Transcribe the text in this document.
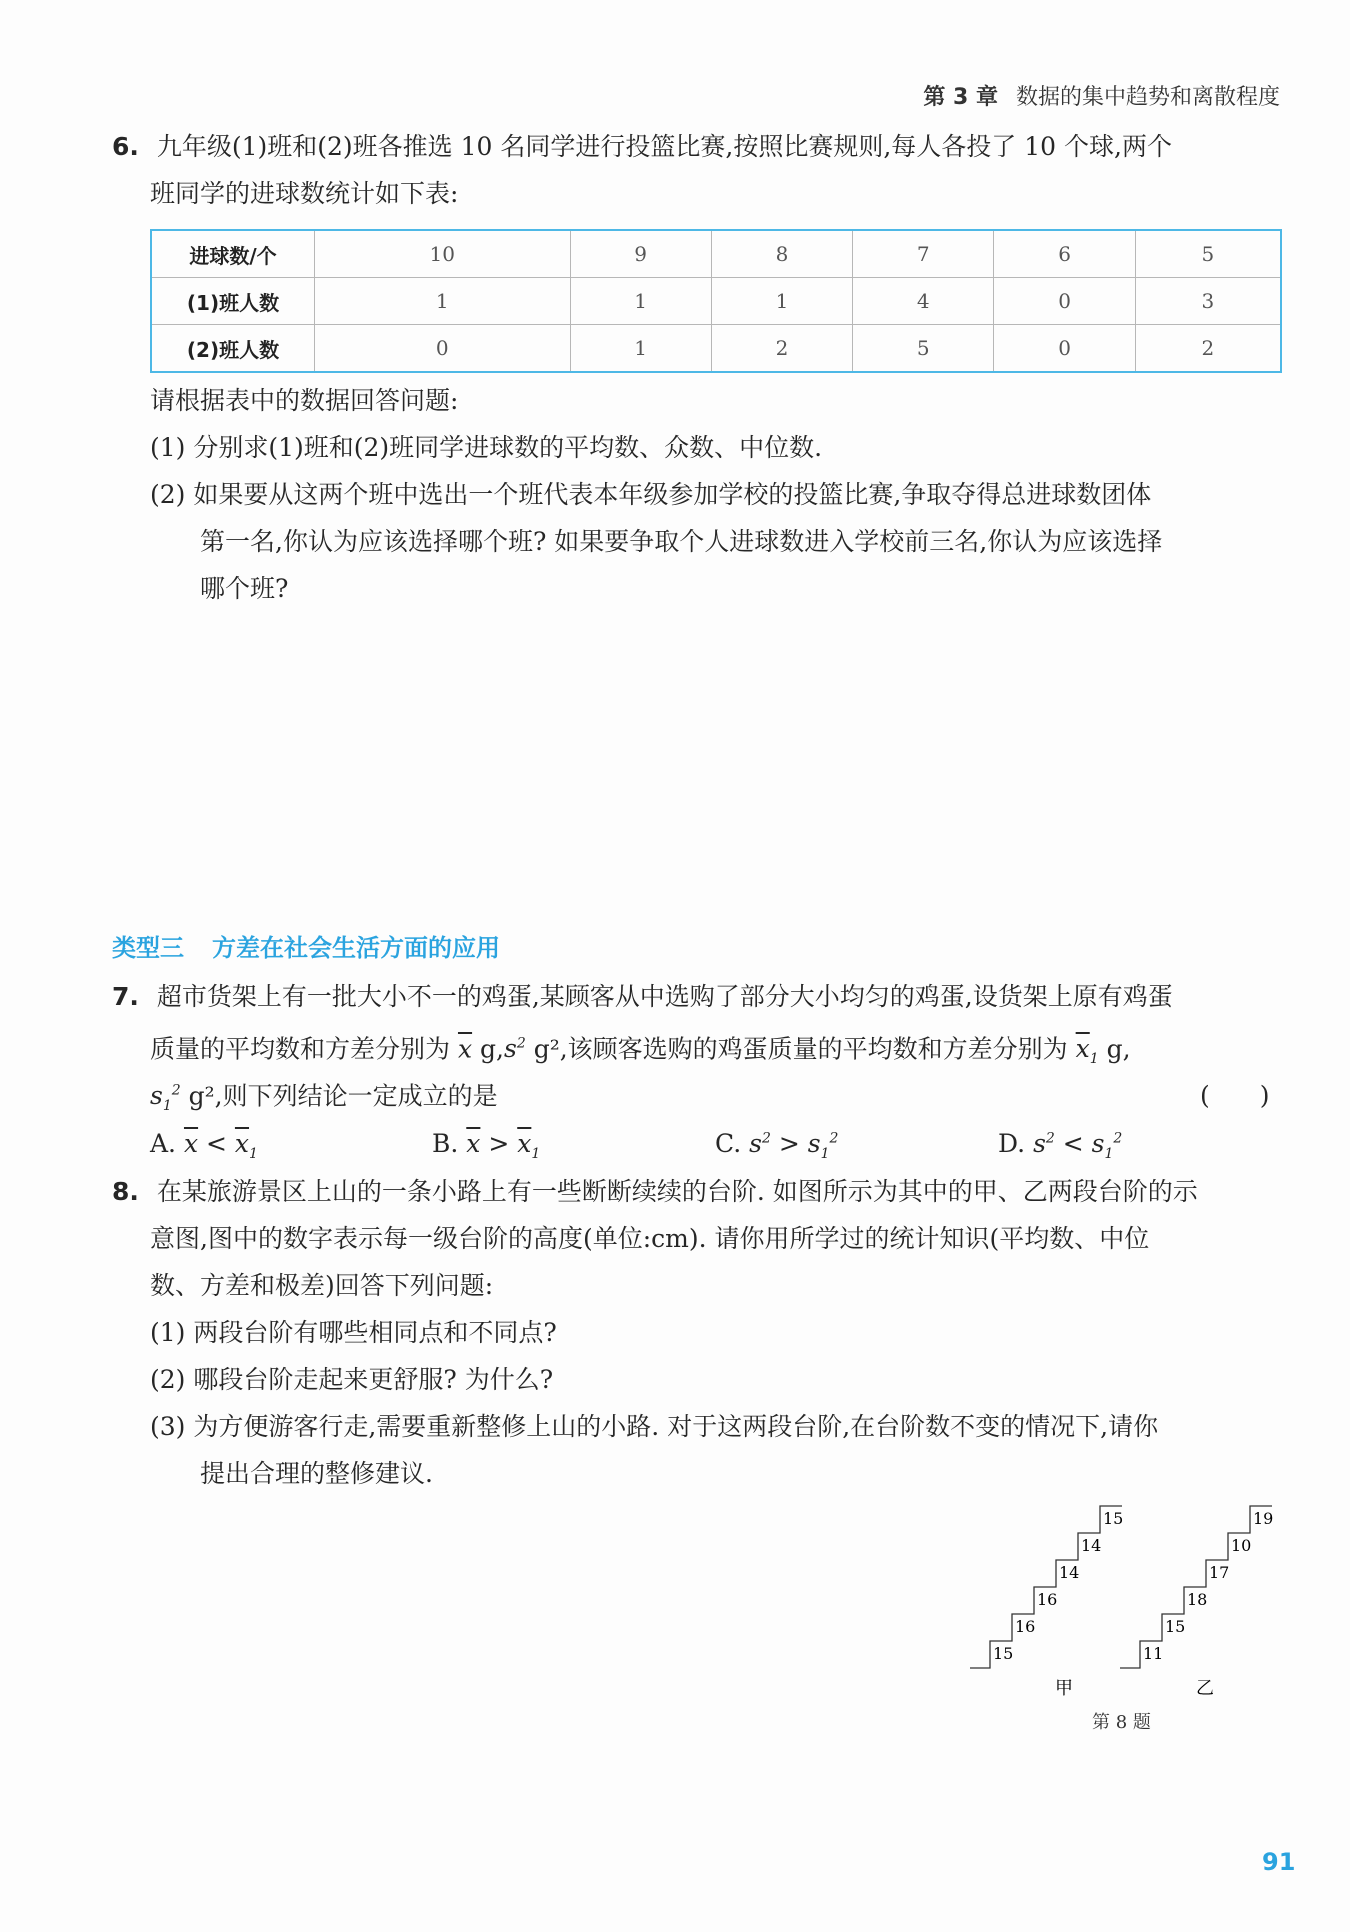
第 3 章 数据的集中趋势和离散程度
6. 九年级(1)班和(2)班各推选 10 名同学进行投篮比赛,按照比赛规则,每人各投了 10 个球,两个
班同学的进球数统计如下表:
进球数/个	10	9	8	7	6	5
(1)班人数	1	1	1	4	0	3
(2)班人数	0	1	2	5	0	2
请根据表中的数据回答问题:
(1) 分别求(1)班和(2)班同学进球数的平均数、众数、中位数.
(2) 如果要从这两个班中选出一个班代表本年级参加学校的投篮比赛,争取夺得总进球数团体
第一名,你认为应该选择哪个班? 如果要争取个人进球数进入学校前三名,你认为应该选择
哪个班?
类型三 方差在社会生活方面的应用
7. 超市货架上有一批大小不一的鸡蛋,某顾客从中选购了部分大小均匀的鸡蛋,设货架上原有鸡蛋
质量的平均数和方差分别为 $\overline{x}$ $g,s^2$ g²,该顾客选购的鸡蛋质量的平均数和方差分别为 $\overline{x}_1$ g,
$s_1^2$ g²,则下列结论一定成立的是	(　　)
A. $\overline{x} < \overline{x}_1$	B. $\overline{x} > \overline{x}_1$	C. $s^2 > s_1^2$	D. $s^2 < s_1^2$
8. 在某旅游景区上山的一条小路上有一些断断续续的台阶. 如图所示为其中的甲、乙两段台阶的示
意图,图中的数字表示每一级台阶的高度(单位:cm). 请你用所学过的统计知识(平均数、中位
数、方差和极差)回答下列问题:
(1) 两段台阶有哪些相同点和不同点?
(2) 哪段台阶走起来更舒服? 为什么?
(3) 为方便游客行走,需要重新整修上山的小路. 对于这两段台阶,在台阶数不变的情况下,请你
提出合理的整修建议.
15
16
16
14
14
15
11
15
18
17
10
19
甲	乙
第 8 题
91
